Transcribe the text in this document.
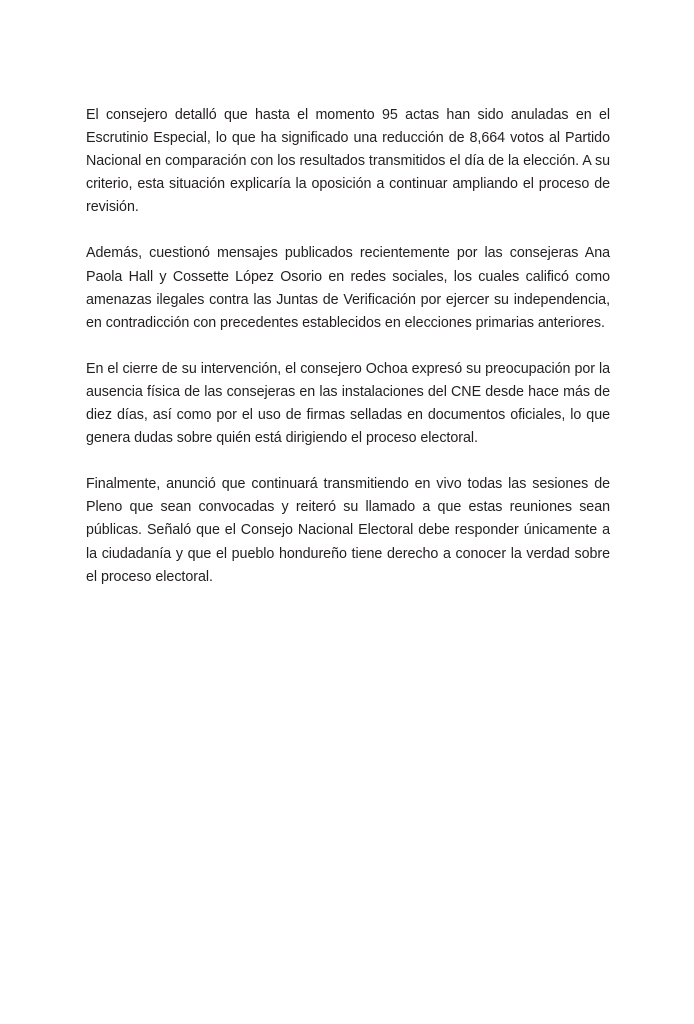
El consejero detalló que hasta el momento 95 actas han sido anuladas en el Escrutinio Especial, lo que ha significado una reducción de 8,664 votos al Partido Nacional en comparación con los resultados transmitidos el día de la elección. A su criterio, esta situación explicaría la oposición a continuar ampliando el proceso de revisión.

Además, cuestionó mensajes publicados recientemente por las consejeras Ana Paola Hall y Cossette López Osorio en redes sociales, los cuales calificó como amenazas ilegales contra las Juntas de Verificación por ejercer su independencia, en contradicción con precedentes establecidos en elecciones primarias anteriores.

En el cierre de su intervención, el consejero Ochoa expresó su preocupación por la ausencia física de las consejeras en las instalaciones del CNE desde hace más de diez días, así como por el uso de firmas selladas en documentos oficiales, lo que genera dudas sobre quién está dirigiendo el proceso electoral.

Finalmente, anunció que continuará transmitiendo en vivo todas las sesiones de Pleno que sean convocadas y reiteró su llamado a que estas reuniones sean públicas. Señaló que el Consejo Nacional Electoral debe responder únicamente a la ciudadanía y que el pueblo hondureño tiene derecho a conocer la verdad sobre el proceso electoral.
